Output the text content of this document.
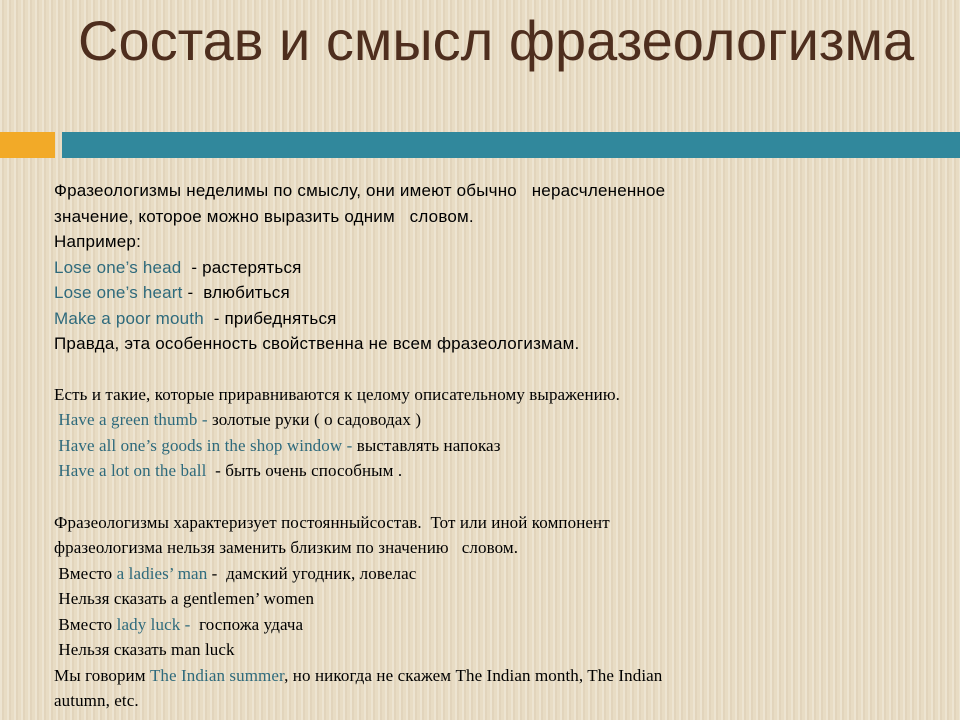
Состав и смысл фразеологизма
Фразеологизмы неделимы по смыслу, они имеют обычно   нерасчлененное
значение, которое можно выразить одним   словом.
Например:
Lose one’s head  - растеряться
Lose one’s heart -  влюбиться
Make a poor mouth  - прибедняться
Правда, эта особенность свойственна не всем фразеологизмам.
Есть и такие, которые приравниваются к целому описательному выражению.
Have a green thumb - золотые руки ( о садоводах )
Have all one’s goods in the shop window - выставлять напоказ
Have a lot on the ball  - быть очень способным .
Фразеологизмы характеризует постоянныйсостав.  Тот или иной компонент
фразеологизма нельзя заменить близким по значению   словом.
Вместо a ladies’ man -  дамский угодник, ловелас
Нельзя сказать a gentlemen’ women
Вместо lady luck -  госпожа удача
Нельзя сказать man luck
Мы говорим The Indian summer, но никогда не скажем The Indian month, The Indian
autumn, etc.
